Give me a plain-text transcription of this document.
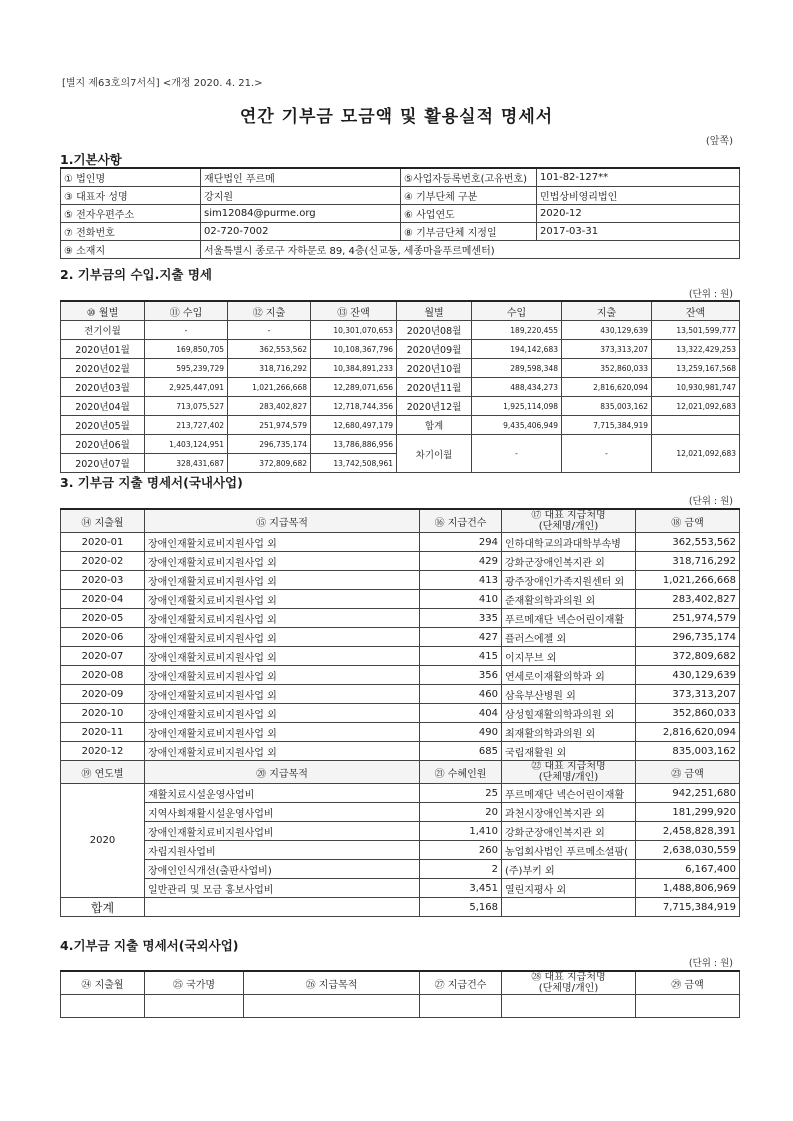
[별지 제63호의7서식] <개정 2020. 4. 21.>
연간 기부금 모금액 및 활용실적 명세서
(앞쪽)
1.기본사항
① 법인명	재단법인 푸르메	⑤사업자등록번호(고유번호)	101-82-127**
③ 대표자 성명	강지원	④ 기부단체 구분	민법상비영리법인
⑤ 전자우편주소	sim12084@purme.org	⑥ 사업연도	2020-12
⑦ 전화번호	02-720-7002	⑧ 기부금단체 지정일	2017-03-31
⑨ 소재지	서울특별시 종로구 자하문로 89, 4층(신교동, 세종마을푸르메센터)		
2. 기부금의 수입.지출 명세
(단위 : 원)
⑩ 월별	⑪ 수입	⑫ 지출	⑬ 잔액	월별	수입	지출	잔액
전기이월	-	-	10,301,070,653	2020년08월	189,220,455	430,129,639	13,501,599,777
2020년01월	169,850,705	362,553,562	10,108,367,796	2020년09월	194,142,683	373,313,207	13,322,429,253
2020년02월	595,239,729	318,716,292	10,384,891,233	2020년10월	289,598,348	352,860,033	13,259,167,568
2020년03월	2,925,447,091	1,021,266,668	12,289,071,656	2020년11월	488,434,273	2,816,620,094	10,930,981,747
2020년04월	713,075,527	283,402,827	12,718,744,356	2020년12월	1,925,114,098	835,003,162	12,021,092,683
2020년05월	213,727,402	251,974,579	12,680,497,179	합계	9,435,406,949	7,715,384,919	
2020년06월	1,403,124,951	296,735,174	13,786,886,956	차기이월	-	-	12,021,092,683
2020년07월	328,431,687	372,809,682	13,742,508,961				
3. 기부금 지출 명세서(국내사업)
(단위 : 원)
⑭ 지출월	⑮ 지급목적	⑯ 지급건수	⑰ 대표 지급처명
(단체명/개인)	⑱ 금액
2020-01	장애인재활치료비지원사업 외	294	인하대학교의과대학부속병	362,553,562
2020-02	장애인재활치료비지원사업 외	429	강화군장애인복지관 외	318,716,292
2020-03	장애인재활치료비지원사업 외	413	광주장애인가족지원센터 외	1,021,266,668
2020-04	장애인재활치료비지원사업 외	410	준재활의학과의원 외	283,402,827
2020-05	장애인재활치료비지원사업 외	335	푸르메재단 넥슨어린이재활	251,974,579
2020-06	장애인재활치료비지원사업 외	427	플러스에젤 외	296,735,174
2020-07	장애인재활치료비지원사업 외	415	이지무브 외	372,809,682
2020-08	장애인재활치료비지원사업 외	356	연세로이재활의학과 외	430,129,639
2020-09	장애인재활치료비지원사업 외	460	삼육부산병원 외	373,313,207
2020-10	장애인재활치료비지원사업 외	404	삼성힐재활의학과의원 외	352,860,033
2020-11	장애인재활치료비지원사업 외	490	최재활의학과의원 외	2,816,620,094
2020-12	장애인재활치료비지원사업 외	685	국립재활원 외	835,003,162
⑲ 연도별	⑳ 지급목적	㉑ 수혜인원	㉒ 대표 지급처명
(단체명/개인)	㉓ 금액
2020	재활치료시설운영사업비	25	푸르메재단 넥슨어린이재활	942,251,680
	지역사회재활시설운영사업비	20	과천시장애인복지관 외	181,299,920
	장애인재활치료비지원사업비	1,410	강화군장애인복지관 외	2,458,828,391
	자립지원사업비	260	농업회사법인 푸르메소셜팜(	2,638,030,559
	장애인인식개선(출판사업비)	2	(주)부키 외	6,167,400
	일반관리 및 모금 홍보사업비	3,451	열린지평사 외	1,488,806,969
합계		5,168		7,715,384,919
4.기부금 지출 명세서(국외사업)
(단위 : 원)
㉔ 지출월	㉕ 국가명	㉖ 지급목적	㉗ 지급건수	㉘ 대표 지급처명
(단체명/개인)	㉙ 금액
